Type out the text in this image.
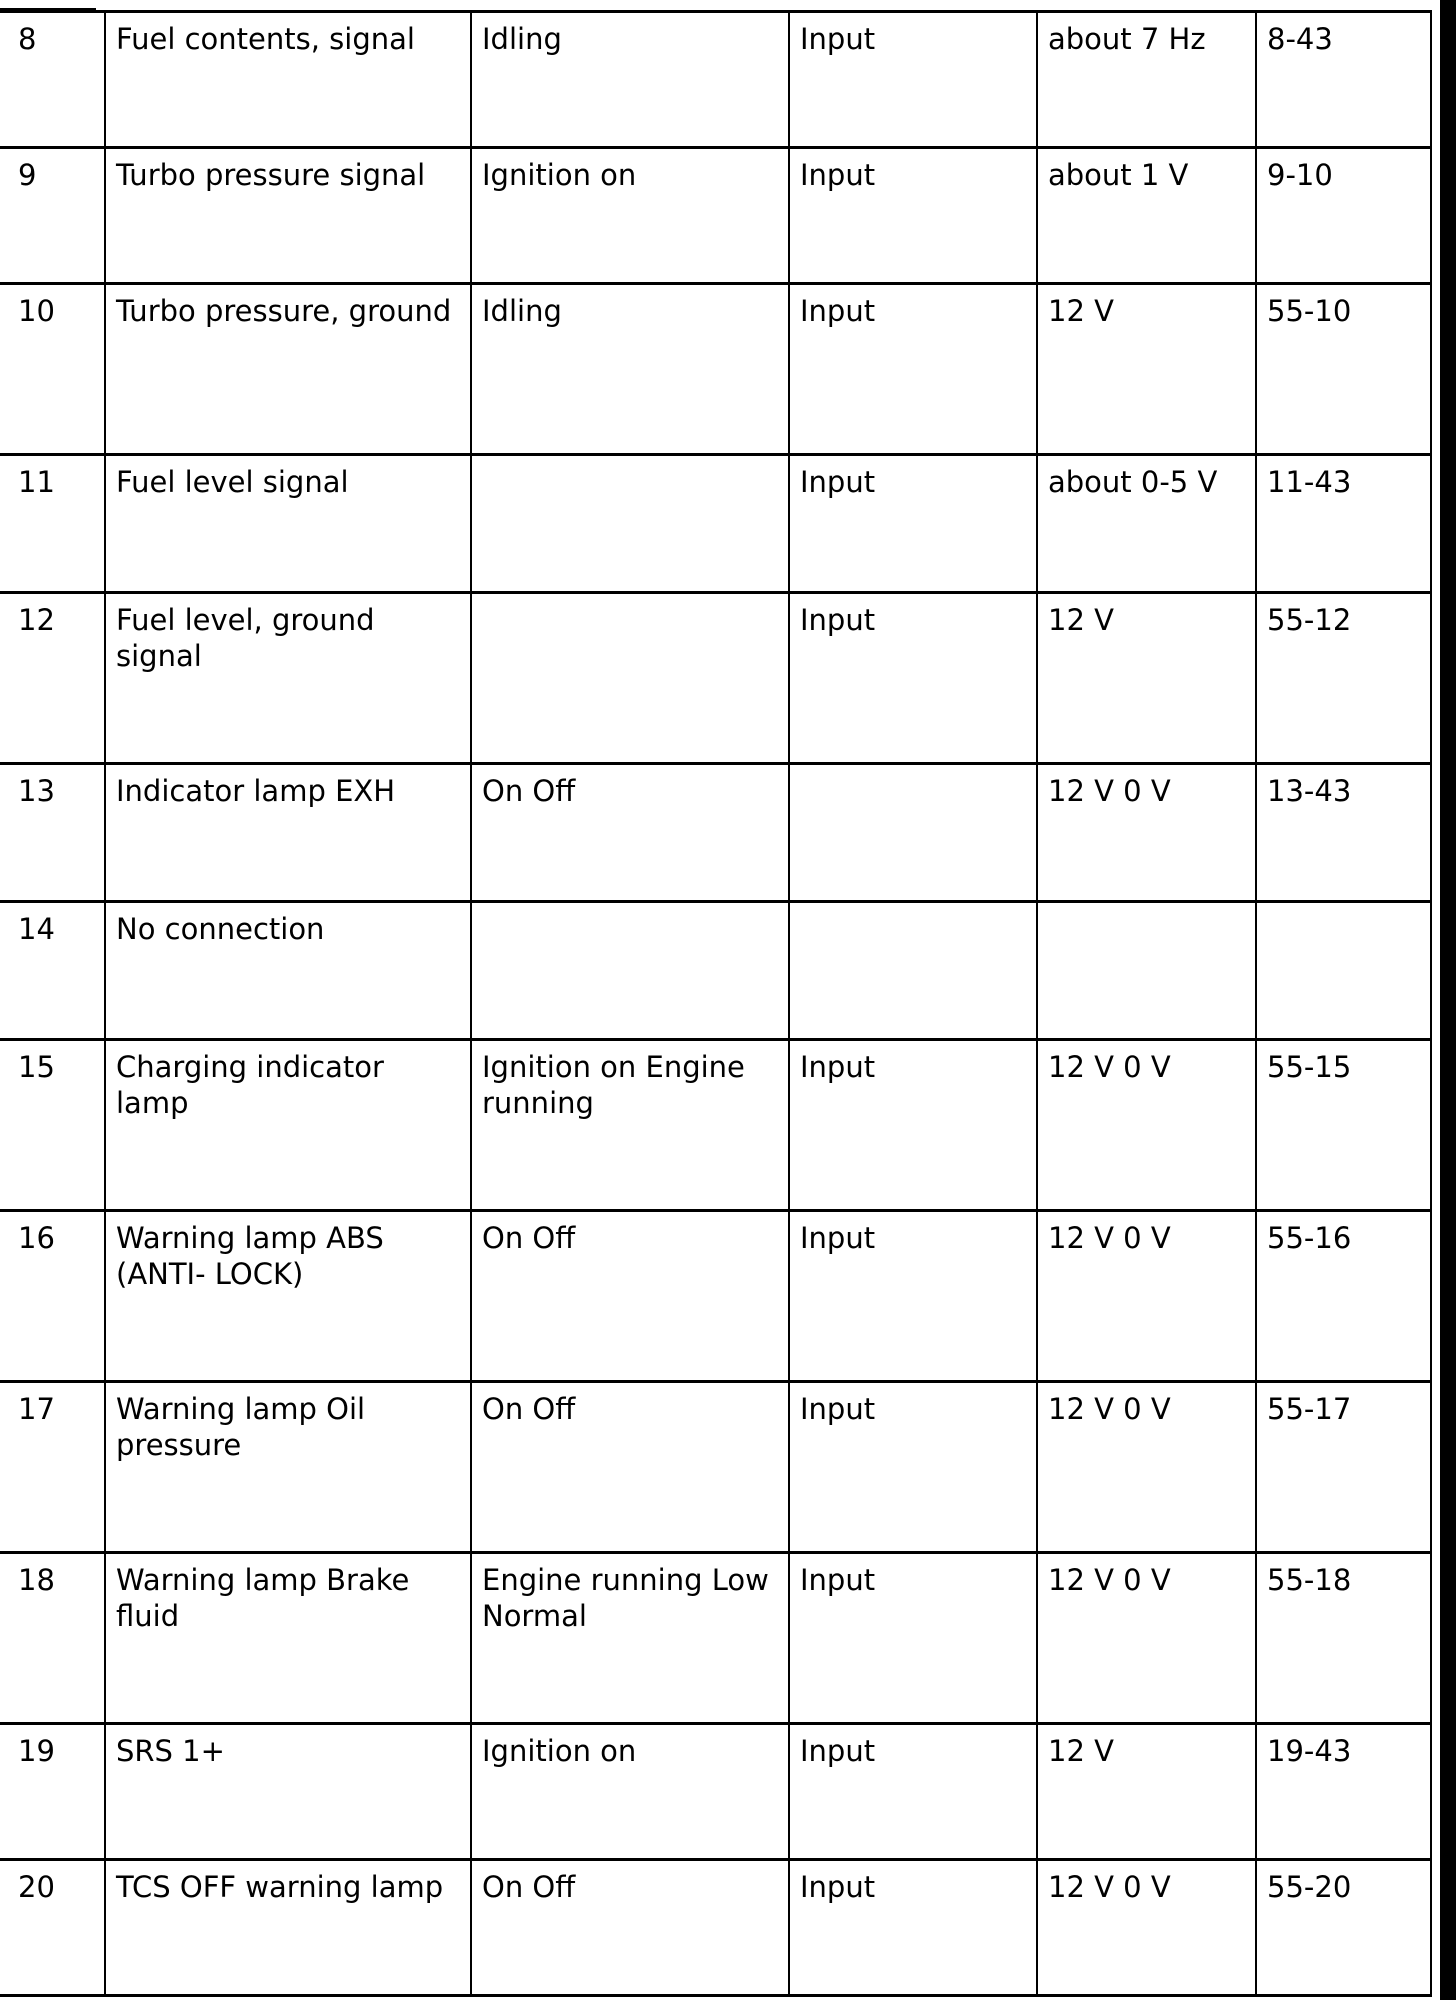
8	Fuel contents, signal	Idling	Input	about 7 Hz	8-43
9	Turbo pressure signal	Ignition on	Input	about 1 V	9-10
10	Turbo pressure, ground	Idling	Input	12 V	55-10
11	Fuel level signal		Input	about 0-5 V	11-43
12	Fuel level, ground signal		Input	12 V	55-12
13	Indicator lamp EXH	On Off		12 V 0 V	13-43
14	No connection				
15	Charging indicator lamp	Ignition on Engine running	Input	12 V 0 V	55-15
16	Warning lamp ABS (ANTI- LOCK)	On Off	Input	12 V 0 V	55-16
17	Warning lamp Oil pressure	On Off	Input	12 V 0 V	55-17
18	Warning lamp Brake fluid	Engine running Low Normal	Input	12 V 0 V	55-18
19	SRS 1+	Ignition on	Input	12 V	19-43
20	TCS OFF warning lamp	On Off	Input	12 V 0 V	55-20
